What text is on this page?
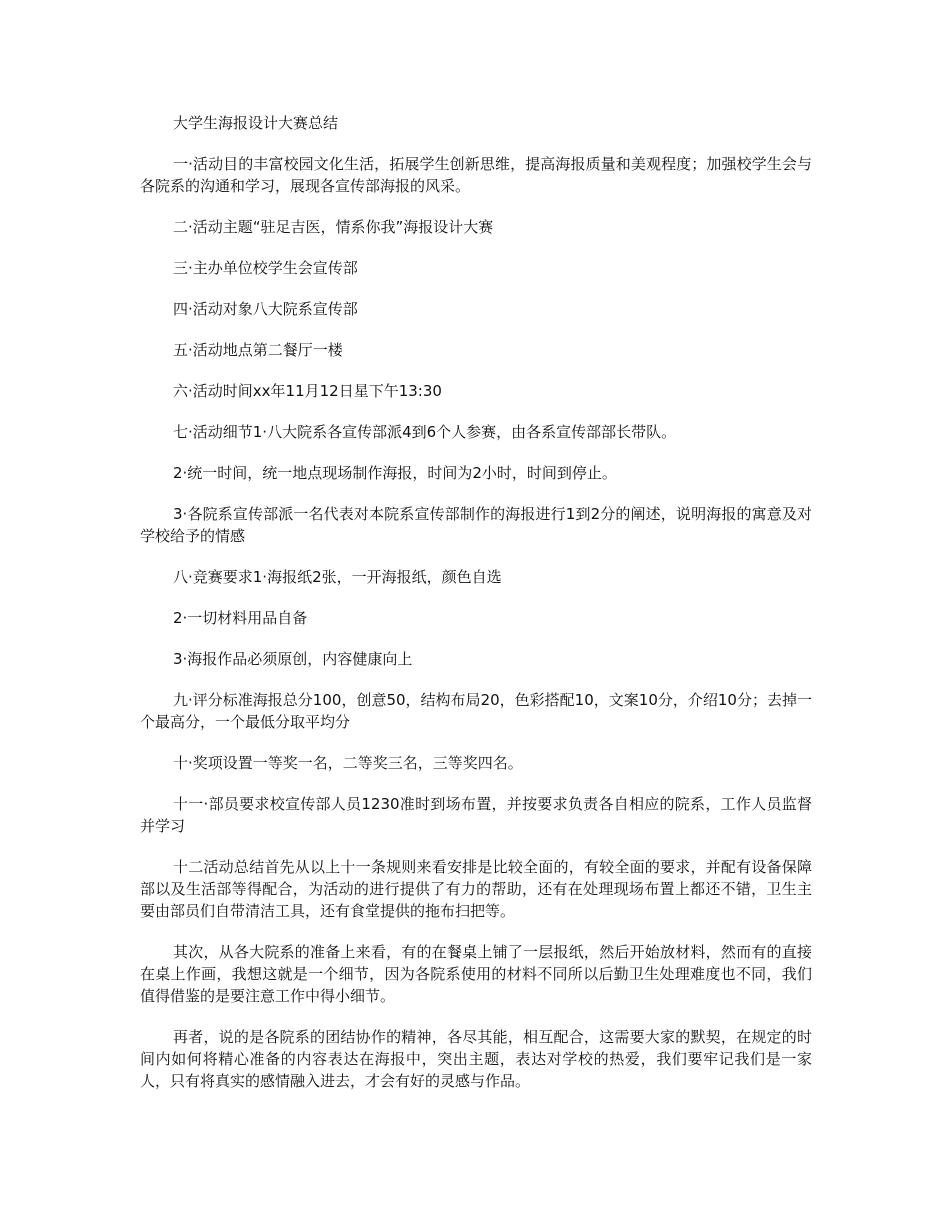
大学生海报设计大赛总结

一·活动目的丰富校园文化生活，拓展学生创新思维，提高海报质量和美观程度；加强校学生会与各院系的沟通和学习，展现各宣传部海报的风采。

二·活动主题“驻足吉医，情系你我”海报设计大赛

三·主办单位校学生会宣传部

四·活动对象八大院系宣传部

五·活动地点第二餐厅一楼

六·活动时间xx年11月12日星下午13:30

七·活动细节1·八大院系各宣传部派4到6个人参赛，由各系宣传部部长带队。

2·统一时间，统一地点现场制作海报，时间为2小时，时间到停止。

3·各院系宣传部派一名代表对本院系宣传部制作的海报进行1到2分的阐述，说明海报的寓意及对学校给予的情感

八·竞赛要求1·海报纸2张，一开海报纸，颜色自选

2·一切材料用品自备

3·海报作品必须原创，内容健康向上

九·评分标准海报总分100，创意50，结构布局20，色彩搭配10，文案10分，介绍10分；去掉一个最高分，一个最低分取平均分

十·奖项设置一等奖一名，二等奖三名，三等奖四名。

十一·部员要求校宣传部人员1230准时到场布置，并按要求负责各自相应的院系，工作人员监督并学习

十二活动总结首先从以上十一条规则来看安排是比较全面的，有较全面的要求，并配有设备保障部以及生活部等得配合，为活动的进行提供了有力的帮助，还有在处理现场布置上都还不错，卫生主要由部员们自带清洁工具，还有食堂提供的拖布扫把等。

其次，从各大院系的准备上来看，有的在餐桌上铺了一层报纸，然后开始放材料，然而有的直接在桌上作画，我想这就是一个细节，因为各院系使用的材料不同所以后勤卫生处理难度也不同，我们值得借鉴的是要注意工作中得小细节。

再者，说的是各院系的团结协作的精神，各尽其能，相互配合，这需要大家的默契，在规定的时间内如何将精心准备的内容表达在海报中，突出主题，表达对学校的热爱，我们要牢记我们是一家人，只有将真实的感情融入进去，才会有好的灵感与作品。
